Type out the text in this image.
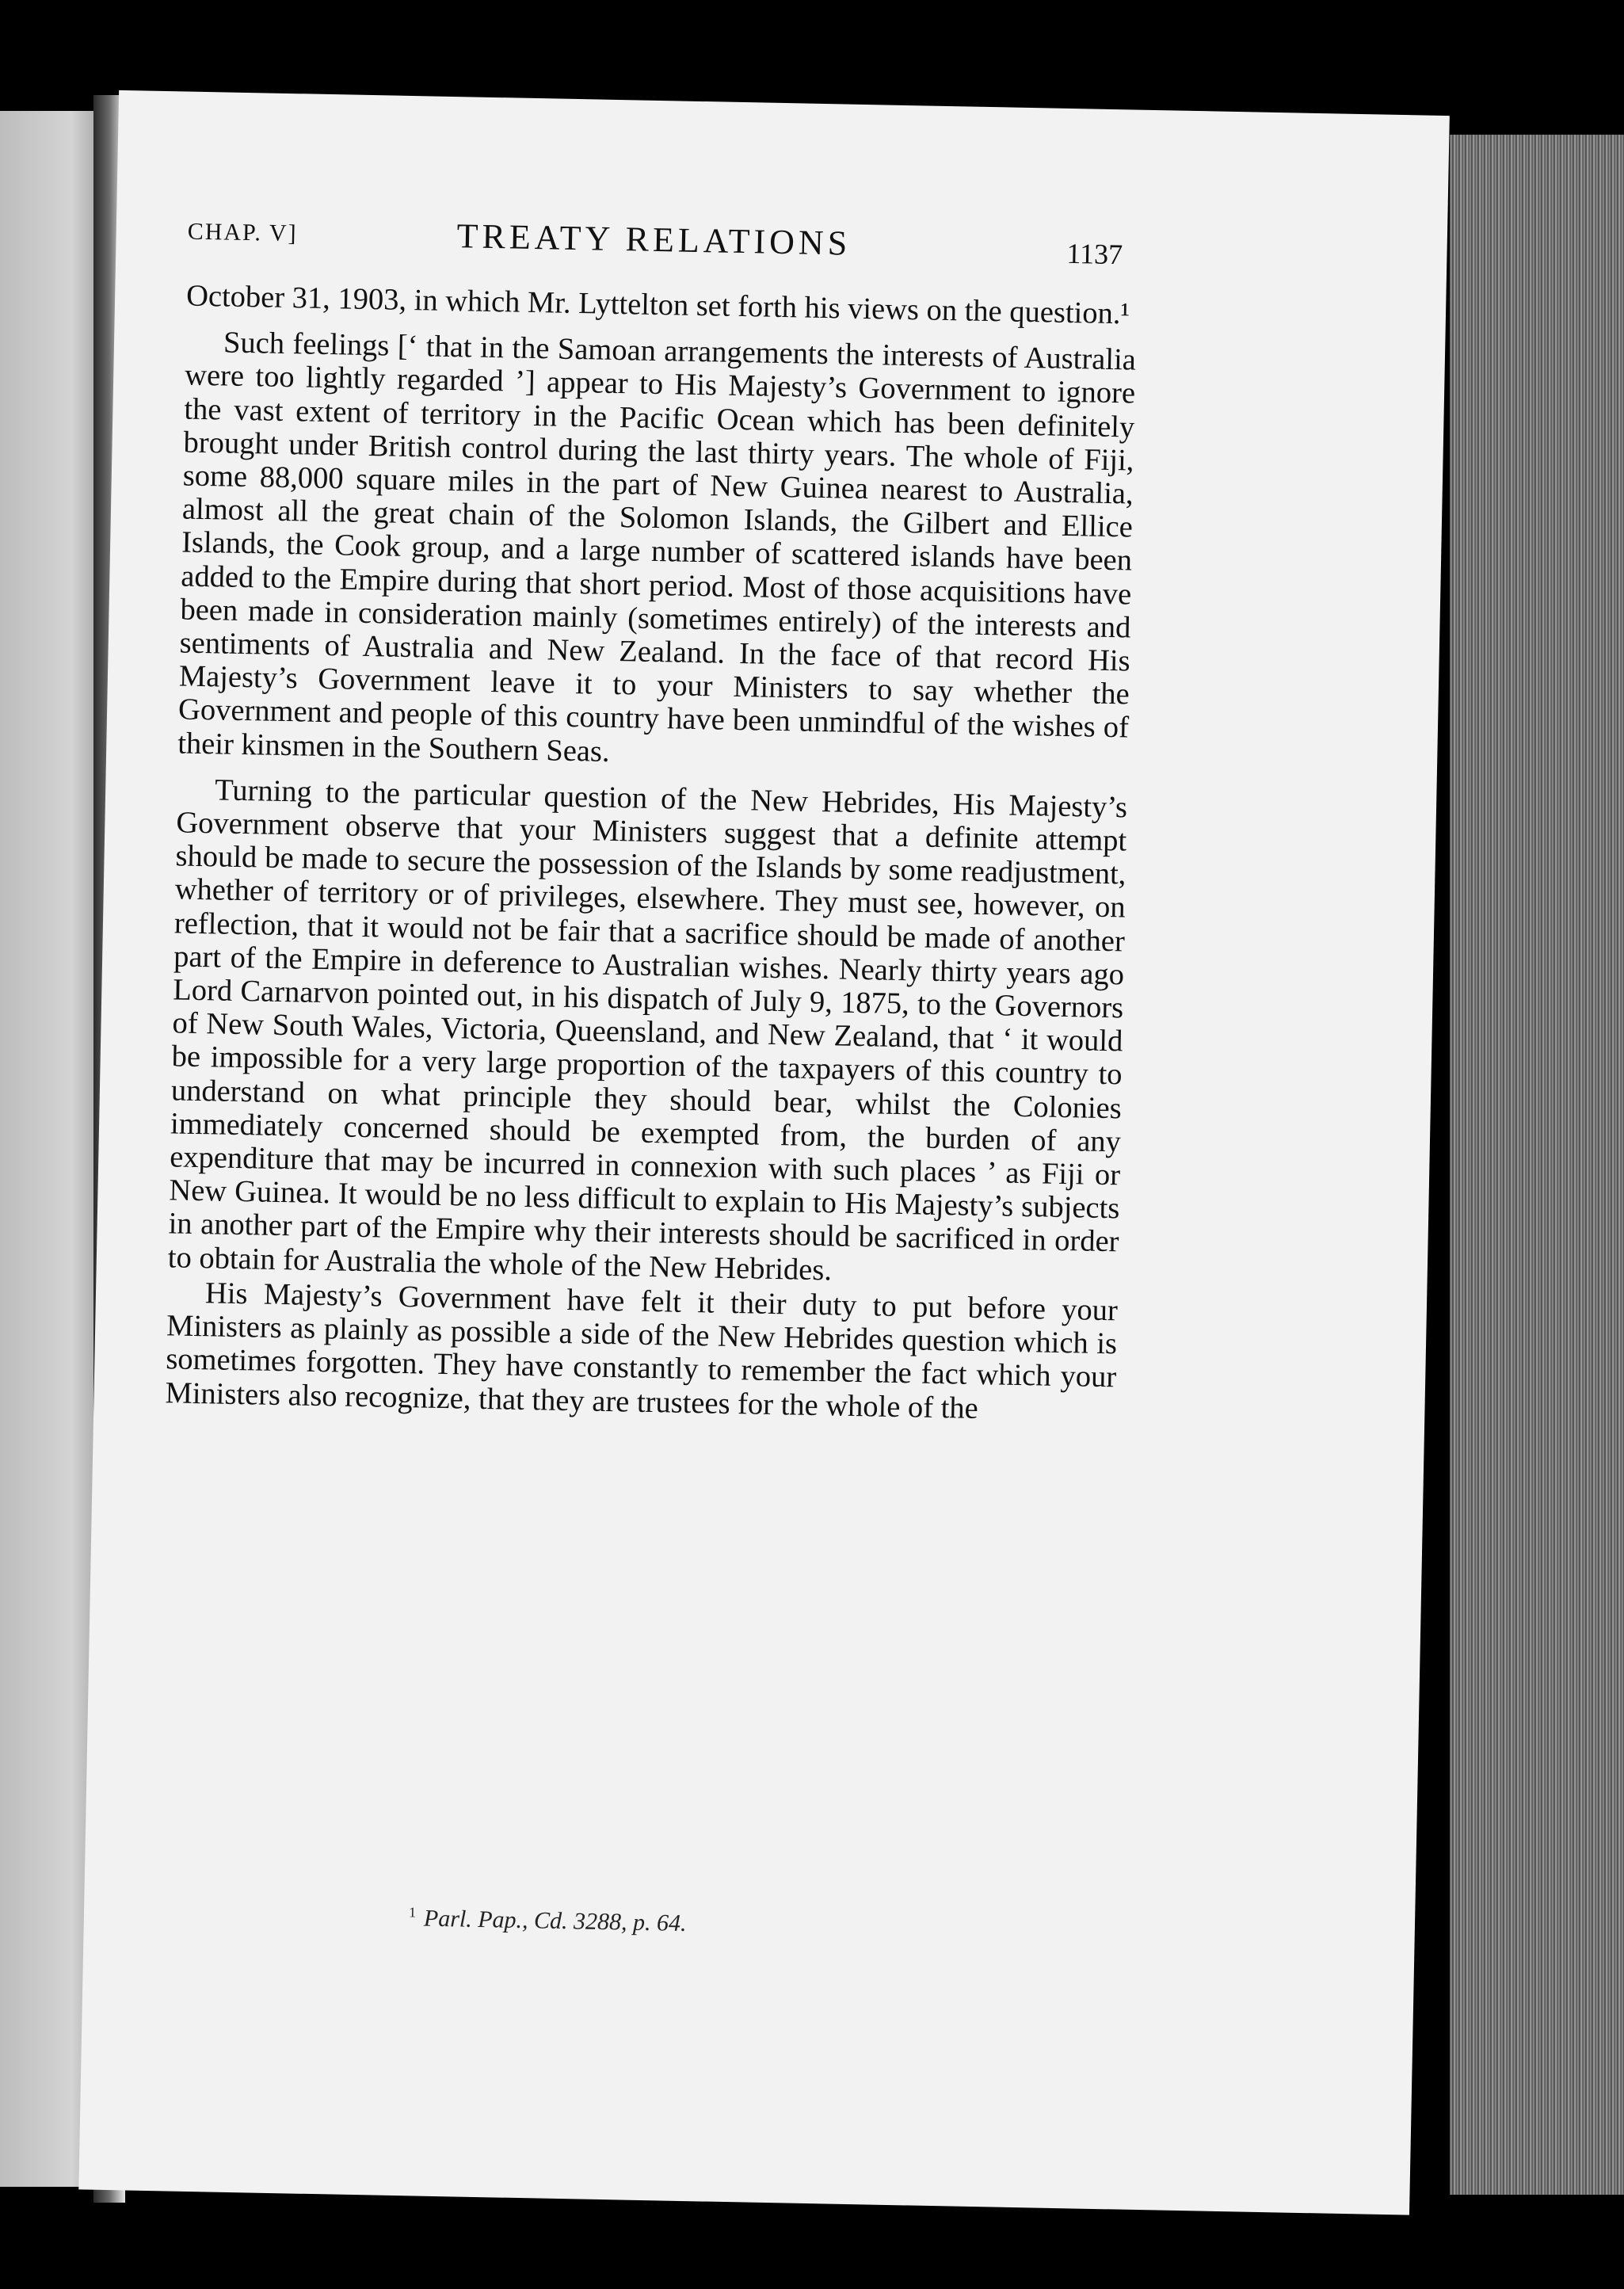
CHAP. V]	TREATY RELATIONS	1137

October 31, 1903, in which Mr. Lyttelton set forth his views on the question.¹

Such feelings [‘ that in the Samoan arrangements the interests of Australia were too lightly regarded ’] appear to His Majesty’s Government to ignore the vast extent of territory in the Pacific Ocean which has been definitely brought under British control during the last thirty years. The whole of Fiji, some 88,000 square miles in the part of New Guinea nearest to Australia, almost all the great chain of the Solomon Islands, the Gilbert and Ellice Islands, the Cook group, and a large number of scattered islands have been added to the Empire during that short period. Most of those acquisitions have been made in consideration mainly (sometimes entirely) of the interests and sentiments of Australia and New Zealand. In the face of that record His Majesty’s Government leave it to your Ministers to say whether the Government and people of this country have been unmindful of the wishes of their kinsmen in the Southern Seas.

Turning to the particular question of the New Hebrides, His Majesty’s Government observe that your Ministers suggest that a definite attempt should be made to secure the possession of the Islands by some readjustment, whether of territory or of privileges, elsewhere. They must see, however, on reflection, that it would not be fair that a sacrifice should be made of another part of the Empire in deference to Australian wishes. Nearly thirty years ago Lord Carnarvon pointed out, in his dispatch of July 9, 1875, to the Governors of New South Wales, Victoria, Queensland, and New Zealand, that ‘ it would be impossible for a very large proportion of the taxpayers of this country to understand on what principle they should bear, whilst the Colonies immediately concerned should be exempted from, the burden of any expenditure that may be incurred in connexion with such places ’ as Fiji or New Guinea. It would be no less difficult to explain to His Majesty’s subjects in another part of the Empire why their interests should be sacrificed in order to obtain for Australia the whole of the New Hebrides.

His Majesty’s Government have felt it their duty to put before your Ministers as plainly as possible a side of the New Hebrides question which is sometimes forgotten. They have constantly to remember the fact which your Ministers also recognize, that they are trustees for the whole of the

$^1$ Parl. Pap., Cd. 3288, p. 64.
